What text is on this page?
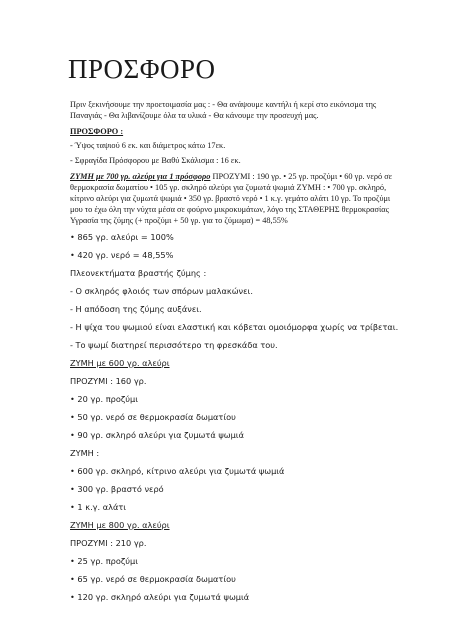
ΠΡΟΣΦΟΡΟ
Πριν ξεκινήσουμε την προετοιμασία μας : - Θα ανάψουμε καντήλι ή κερί στο εικόνισμα της Παναγιάς - Θα λιβανίζουμε όλα τα υλικά - Θα κάνουμε την προσευχή μας.
ΠΡΟΣΦΟΡΟ :
- Ύψος ταψιού 6 εκ. και διάμετρος κάτω 17εκ.
- Σφραγίδα Πρόσφορου με Βαθύ Σκάλισμα : 16 εκ.
ΖΥΜΗ με 700 γρ. αλεύρι για 1 πρόσφορο ΠΡΟΖΥΜΙ : 190 γρ. • 25 γρ. προζύμι • 60 γρ. νερό σε θερμοκρασία δωματίου • 105 γρ. σκληρό αλεύρι για ζυμωτά ψωμιά ΖΥΜΗ : • 700 γρ. σκληρό, κίτρινο αλεύρι για ζυμωτά ψωμιά • 350 γρ. βραστό νερό • 1 κ.γ. γεμάτο αλάτι 10 γρ. Το προζύμι μου το έχω όλη την νύχτα μέσα σε φούρνο μικροκυμάτων, λόγο της ΣΤΑΘΕΡΗΣ θερμοκρασίας
Υγρασία της ζύμης (+ προζύμι + 50 γρ. για το ζύμωμα) = 48,55%
• 865 γρ. αλεύρι = 100%
• 420 γρ. νερό = 48,55%
Πλεονεκτήματα βραστής ζύμης :
- Ο σκληρός φλοιός των σπόρων μαλακώνει.
- Η απόδοση της ζύμης αυξάνει.
- Η ψίχα του ψωμιού είναι ελαστική και κόβεται ομοιόμορφα χωρίς να τρίβεται.
- Το ψωμί διατηρεί περισσότερο τη φρεσκάδα του.
ΖΥΜΗ με 600 γρ. αλεύρι
ΠΡΟΖΥΜΙ : 160 γρ.
• 20 γρ. προζύμι
• 50 γρ. νερό σε θερμοκρασία δωματίου
• 90 γρ. σκληρό αλεύρι για ζυμωτά ψωμιά
ΖΥΜΗ :
• 600 γρ. σκληρό, κίτρινο αλεύρι για ζυμωτά ψωμιά
• 300 γρ. βραστό νερό
• 1 κ.γ. αλάτι
ΖΥΜΗ με 800 γρ. αλεύρι
ΠΡΟΖΥΜΙ : 210 γρ.
• 25 γρ. προζύμι
• 65 γρ. νερό σε θερμοκρασία δωματίου
• 120 γρ. σκληρό αλεύρι για ζυμωτά ψωμιά
